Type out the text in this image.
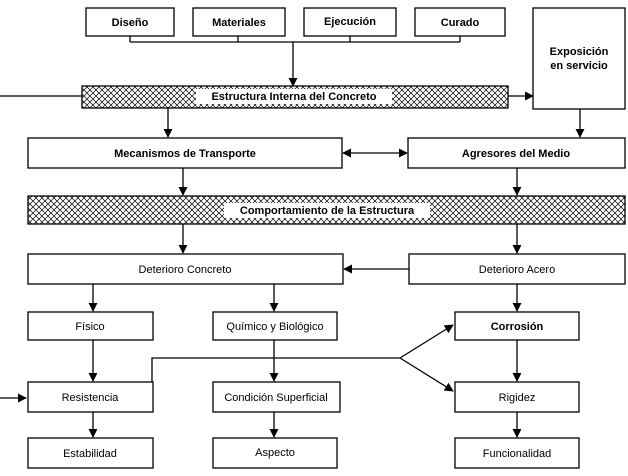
Diseño	Materiales	Ejecución	Curado
Exposición
en servicio
Estructura Interna del Concreto
Mecanismos de Transporte	Agresores del Medio
Comportamiento de la Estructura
Deterioro Concreto	Deterioro Acero
Físico	Químico y Biológico	Corrosión
Resistencia	Condición Superficial	Rigidez
Estabilidad	Aspecto	Funcionalidad
